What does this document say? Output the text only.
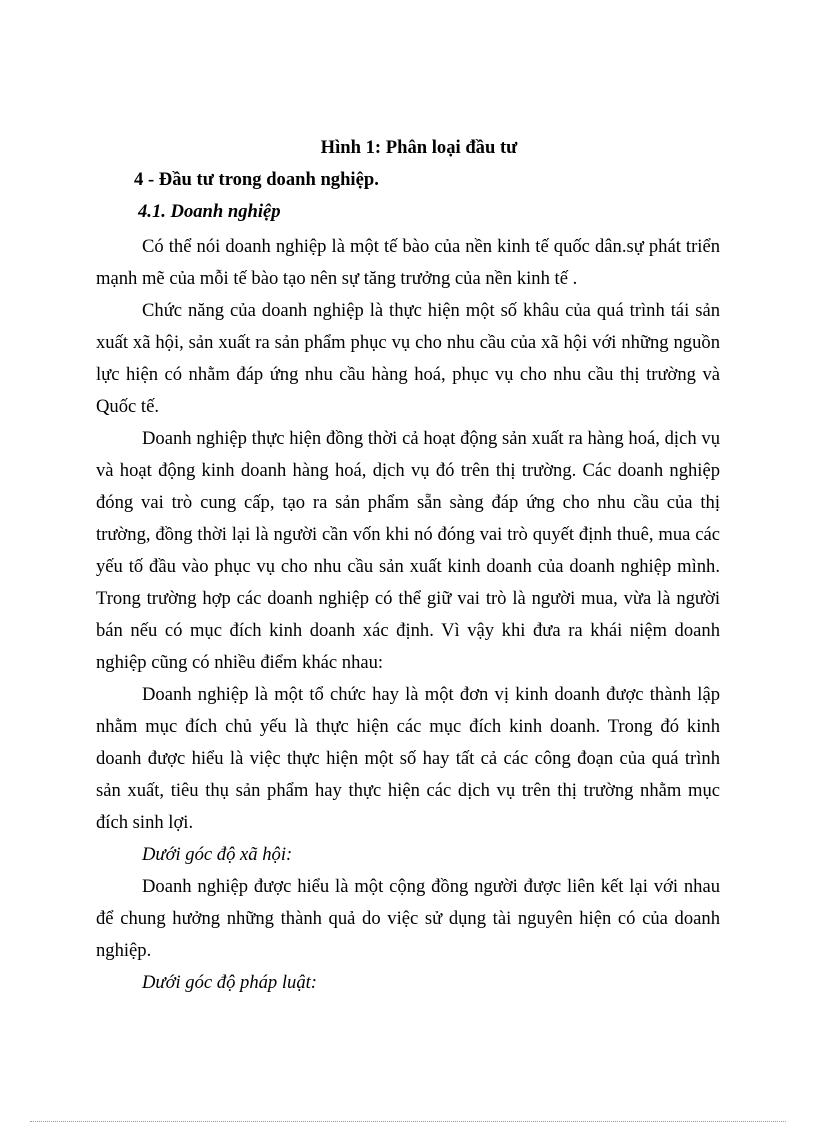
Hình 1: Phân loại đầu tư
4 - Đầu tư trong doanh nghiệp.
4.1. Doanh nghiệp

Có thể nói doanh nghiệp là một tế bào của nền kinh tế quốc dân.sự phát triển mạnh mẽ của mỗi tế bào tạo nên sự tăng trưởng của nền kinh tế .

Chức năng của doanh nghiệp là thực hiện một số khâu của quá trình tái sản xuất xã hội, sản xuất ra sản phẩm phục vụ cho nhu cầu của xã hội với những nguồn lực hiện có nhằm đáp ứng nhu cầu hàng hoá, phục vụ cho nhu cầu thị trường và Quốc tế.

Doanh nghiệp thực hiện đồng thời cả hoạt động sản xuất ra hàng hoá, dịch vụ và hoạt động kinh doanh hàng hoá, dịch vụ đó trên thị trường. Các doanh nghiệp đóng vai trò cung cấp, tạo ra sản phẩm sẵn sàng đáp ứng cho nhu cầu của thị trường, đồng thời lại là người cần vốn khi nó đóng vai trò quyết định thuê, mua các yếu tố đầu vào phục vụ cho nhu cầu sản xuất kinh doanh của doanh nghiệp mình. Trong trường hợp các doanh nghiệp có thể giữ vai trò là người mua, vừa là người bán nếu có mục đích kinh doanh xác định. Vì vậy khi đưa ra khái niệm doanh nghiệp cũng có nhiều điểm khác nhau:

Doanh nghiệp là một tổ chức hay là một đơn vị kinh doanh được thành lập nhằm mục đích chủ yếu là thực hiện các mục đích kinh doanh. Trong đó kinh doanh được hiểu là việc thực hiện một số hay tất cả các công đoạn của quá trình sản xuất, tiêu thụ sản phẩm hay thực hiện các dịch vụ trên thị trường nhằm mục đích sinh lợi.

Dưới góc độ xã hội:

Doanh nghiệp được hiểu là một cộng đồng người được liên kết lại với nhau để chung hưởng những thành quả do việc sử dụng tài nguyên hiện có của doanh nghiệp.

Dưới góc độ pháp luật:
